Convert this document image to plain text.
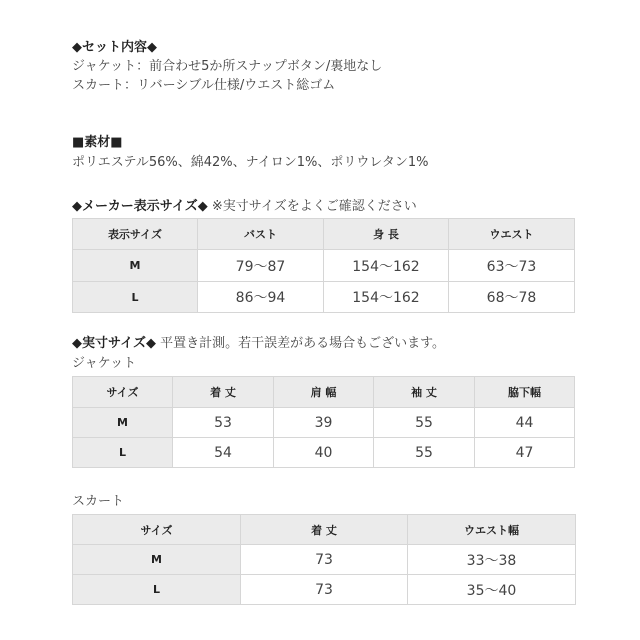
◆セット内容◆
ジャケット：前合わせ5か所スナップボタン/裏地なし
スカート：リバーシブル仕様/ウエスト総ゴム
■素材■
ポリエステル56%、綿42%、ナイロン1%、ポリウレタン1%
◆メーカー表示サイズ◆ ※実寸サイズをよくご確認ください
表示サイズ	バスト	身 長	ウエスト
M	79～87	154～162	63～73
L	86～94	154～162	68～78
◆実寸サイズ◆ 平置き計測。若干誤差がある場合もございます。
ジャケット
サイズ	着 丈	肩 幅	袖 丈	脇下幅
M	53	39	55	44
L	54	40	55	47
スカート
サイズ	着 丈	ウエスト幅
M	73	33～38
L	73	35～40
